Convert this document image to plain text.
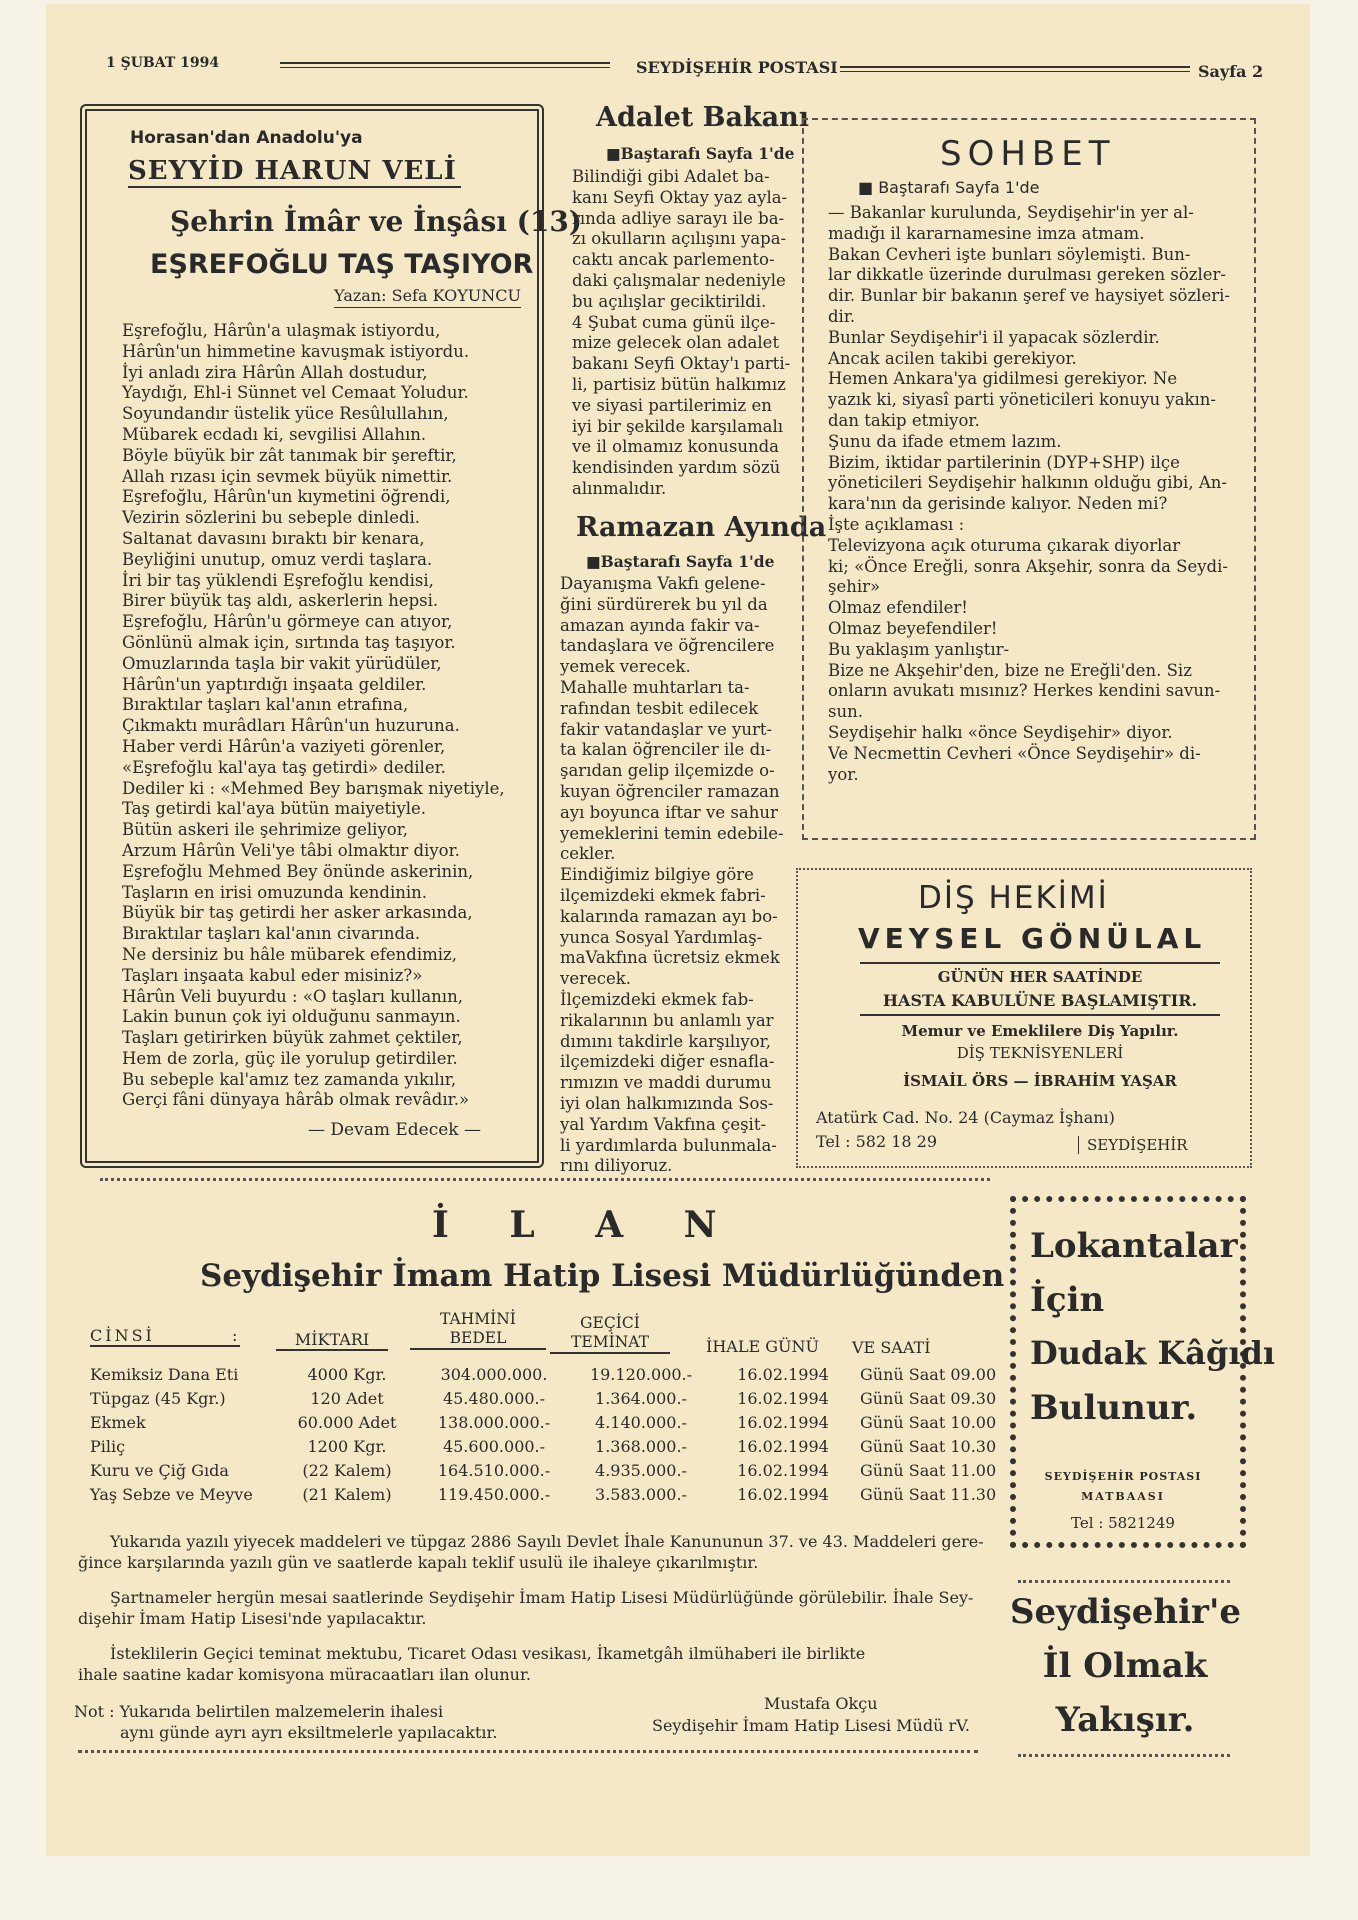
1 ŞUBAT 1994	SEYDİŞEHİR POSTASI	Sayfa 2
Horasan'dan Anadolu'ya
SEYYİD HARUN VELİ
Şehrin İmâr ve İnşâsı (13)
EŞREFOĞLU TAŞ TAŞIYOR
Yazan: Sefa KOYUNCU
Eşrefoğlu, Hârûn'a ulaşmak istiyordu,
Hârûn'un himmetine kavuşmak istiyordu.
İyi anladı zira Hârûn Allah dostudur,
Yaydığı, Ehl-i Sünnet vel Cemaat Yoludur.
Soyundandır üstelik yüce Resûlullahın,
Mübarek ecdadı ki, sevgilisi Allahın.
Böyle büyük bir zât tanımak bir şereftir,
Allah rızası için sevmek büyük nimettir.
Eşrefoğlu, Hârûn'un kıymetini öğrendi,
Vezirin sözlerini bu sebeple dinledi.
Saltanat davasını bıraktı bir kenara,
Beyliğini unutup, omuz verdi taşlara.
İri bir taş yüklendi Eşrefoğlu kendisi,
Birer büyük taş aldı, askerlerin hepsi.
Eşrefoğlu, Hârûn'u görmeye can atıyor,
Gönlünü almak için, sırtında taş taşıyor.
Omuzlarında taşla bir vakit yürüdüler,
Hârûn'un yaptırdığı inşaata geldiler.
Bıraktılar taşları kal'anın etrafına,
Çıkmaktı murâdları Hârûn'un huzuruna.
Haber verdi Hârûn'a vaziyeti görenler,
«Eşrefoğlu kal'aya taş getirdi» dediler.
Dediler ki : «Mehmed Bey barışmak niyetiyle,
Taş getirdi kal'aya bütün maiyetiyle.
Bütün askeri ile şehrimize geliyor,
Arzum Hârûn Veli'ye tâbi olmaktır diyor.
Eşrefoğlu Mehmed Bey önünde askerinin,
Taşların en irisi omuzunda kendinin.
Büyük bir taş getirdi her asker arkasında,
Bıraktılar taşları kal'anın civarında.
Ne dersiniz bu hâle mübarek efendimiz,
Taşları inşaata kabul eder misiniz?»
Hârûn Veli buyurdu : «O taşları kullanın,
Lakin bunun çok iyi olduğunu sanmayın.
Taşları getirirken büyük zahmet çektiler,
Hem de zorla, güç ile yorulup getirdiler.
Bu sebeple kal'amız tez zamanda yıkılır,
Gerçi fâni dünyaya hârâb olmak revâdır.»
— Devam Edecek —
Adalet Bakanı
■Baştarafı Sayfa 1'de
Bilindiği gibi Adalet ba-
kanı Seyfi Oktay yaz ayla-
rında adliye sarayı ile ba-
zı okulların açılışını yapa-
caktı ancak parlemento-
daki çalışmalar nedeniyle
bu açılışlar geciktirildi.
4 Şubat cuma günü ilçe-
mize gelecek olan adalet
bakanı Seyfi Oktay'ı parti-
li, partisiz bütün halkımız
ve siyasi partilerimiz en
iyi bir şekilde karşılamalı
ve il olmamız konusunda
kendisinden yardım sözü
alınmalıdır.
Ramazan Ayında
■Baştarafı Sayfa 1'de
Dayanışma Vakfı gelene-
ğini sürdürerek bu yıl da
amazan ayında fakir va-
tandaşlara ve öğrencilere
yemek verecek.
Mahalle muhtarları ta-
rafından tesbit edilecek
fakir vatandaşlar ve yurt-
ta kalan öğrenciler ile dı-
şarıdan gelip ilçemizde o-
kuyan öğrenciler ramazan
ayı boyunca iftar ve sahur
yemeklerini temin edebile-
cekler.
Eindiğimiz bilgiye göre
ilçemizdeki ekmek fabri-
kalarında ramazan ayı bo-
yunca Sosyal Yardımlaş-
maVakfına ücretsiz ekmek
verecek.
İlçemizdeki ekmek fab-
rikalarının bu anlamlı yar
dımını takdirle karşılıyor,
ilçemizdeki diğer esnafla-
rımızın ve maddi durumu
iyi olan halkımızında Sos-
yal Yardım Vakfına çeşit-
li yardımlarda bulunmala-
rını diliyoruz.
SOHBET
■ Baştarafı Sayfa 1'de
— Bakanlar kurulunda, Seydişehir'in yer al-
madığı il kararnamesine imza atmam.
Bakan Cevheri işte bunları söylemişti. Bun-
lar dikkatle üzerinde durulması gereken sözler-
dir. Bunlar bir bakanın şeref ve haysiyet sözleri-
dir.
Bunlar Seydişehir'i il yapacak sözlerdir.
Ancak acilen takibi gerekiyor.
Hemen Ankara'ya gidilmesi gerekiyor. Ne
yazık ki, siyasî parti yöneticileri konuyu yakın-
dan takip etmiyor.
Şunu da ifade etmem lazım.
Bizim, iktidar partilerinin (DYP+SHP) ilçe
yöneticileri Seydişehir halkının olduğu gibi, An-
kara'nın da gerisinde kalıyor. Neden mi?
İşte açıklaması :
Televizyona açık oturuma çıkarak diyorlar
ki; «Önce Ereğli, sonra Akşehir, sonra da Seydi-
şehir»
Olmaz efendiler!
Olmaz beyefendiler!
Bu yaklaşım yanlıştır-
Bize ne Akşehir'den, bize ne Ereğli'den. Siz
onların avukatı mısınız? Herkes kendini savun-
sun.
Seydişehir halkı «önce Seydişehir» diyor.
Ve Necmettin Cevheri «Önce Seydişehir» di-
yor.
DİŞ HEKİMİ
VEYSEL GÖNÜLAL
GÜNÜN HER SAATİNDE
HASTA KABULÜNE BAŞLAMIŞTIR.
Memur ve Emeklilere Diş Yapılır.
DİŞ TEKNİSYENLERİ
İSMAİL ÖRS — İBRAHİM YAŞAR
Atatürk Cad. No. 24 (Caymaz İşhanı)
Tel : 582 18 29	SEYDİŞEHİR
İ L A N
Seydişehir İmam Hatip Lisesi Müdürlüğünden
CİNSİ	:	MİKTARI
TAHMİNİ BEDEL
GEÇİCİ TEMİNAT	İHALE GÜNÜ VE SAATİ
Kemiksiz Dana Eti	4000 Kgr.	304.000.000.	19.120.000.-	16.02.1994	Günü Saat 09.00
Tüpgaz (45 Kgr.)	120 Adet	45.480.000.-	1.364.000.-	16.02.1994	Günü Saat 09.30
Ekmek	60.000 Adet	138.000.000.-	4.140.000.-	16.02.1994	Günü Saat 10.00
Piliç	1200 Kgr.	45.600.000.-	1.368.000.-	16.02.1994	Günü Saat 10.30
Kuru ve Çiğ Gıda	(22 Kalem)	164.510.000.-	4.935.000.-	16.02.1994	Günü Saat 11.00
Yaş Sebze ve Meyve	(21 Kalem)	119.450.000.-	3.583.000.-	16.02.1994	Günü Saat 11.30
Yukarıda yazılı yiyecek maddeleri ve tüpgaz 2886 Sayılı Devlet İhale Kanununun 37. ve 43. Maddeleri gere-
ğince karşılarında yazılı gün ve saatlerde kapalı teklif usulü ile ihaleye çıkarılmıştır.
Şartnameler hergün mesai saatlerinde Seydişehir İmam Hatip Lisesi Müdürlüğünde görülebilir. İhale Sey-
dişehir İmam Hatip Lisesi'nde yapılacaktır.
İsteklilerin Geçici teminat mektubu, Ticaret Odası vesikası, İkametgâh ilmühaberi ile birlikte
ihale saatine kadar komisyona müracaatları ilan olunur.
Not : Yukarıda belirtilen malzemelerin ihalesi
aynı günde ayrı ayrı eksiltmelerle yapılacaktır.
Mustafa Okçu
Seydişehir İmam Hatip Lisesi Müdü rV.
Lokantalar
İçin
Dudak Kâğıdı
Bulunur.
SEYDİŞEHİR POSTASI
MATBAASI
Tel : 5821249
Seydişehir'e
İl Olmak
Yakışır.
